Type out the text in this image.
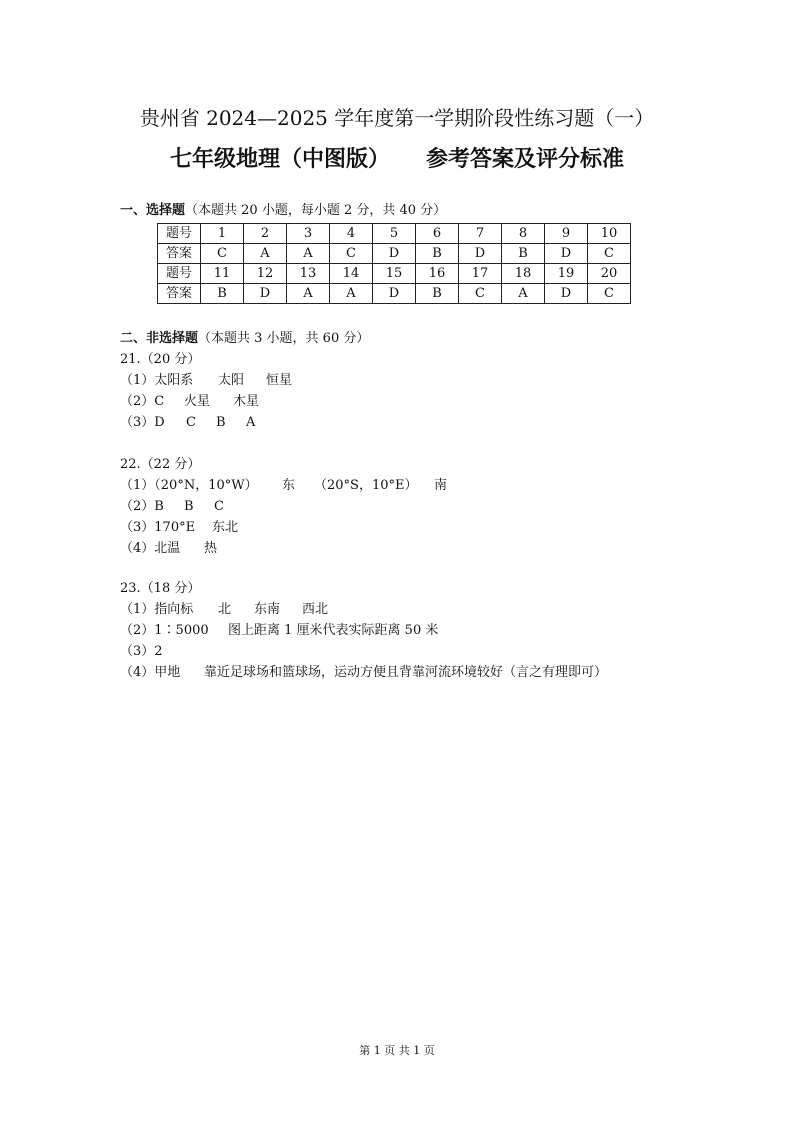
贵州省 2024—2025 学年度第一学期阶段性练习题（一）
七年级地理（中图版） 参考答案及评分标准
一、选择题（本题共 20 小题，每小题 2 分，共 40 分）
题号	1	2	3	4	5	6	7	8	9	10
答案	C	A	A	C	D	B	D	B	D	C
题号	11	12	13	14	15	16	17	18	19	20
答案	B	D	A	A	D	B	C	A	D	C
二、非选择题（本题共 3 小题，共 60 分）
21.（20 分）
（1）太阳系 太阳 恒星
（2）C 火星 木星
（3）D C B A
22.（22 分）
（1）（20°N，10°W） 东 （20°S，10°E） 南
（2）B B C
（3）170°E 东北
（4）北温 热
23.（18 分）
（1）指向标 北 东南 西北
（2）1∶5000 图上距离 1 厘米代表实际距离 50 米
（3）2
（4）甲地 靠近足球场和篮球场，运动方便且背靠河流环境较好（言之有理即可）
第 1 页 共 1 页
